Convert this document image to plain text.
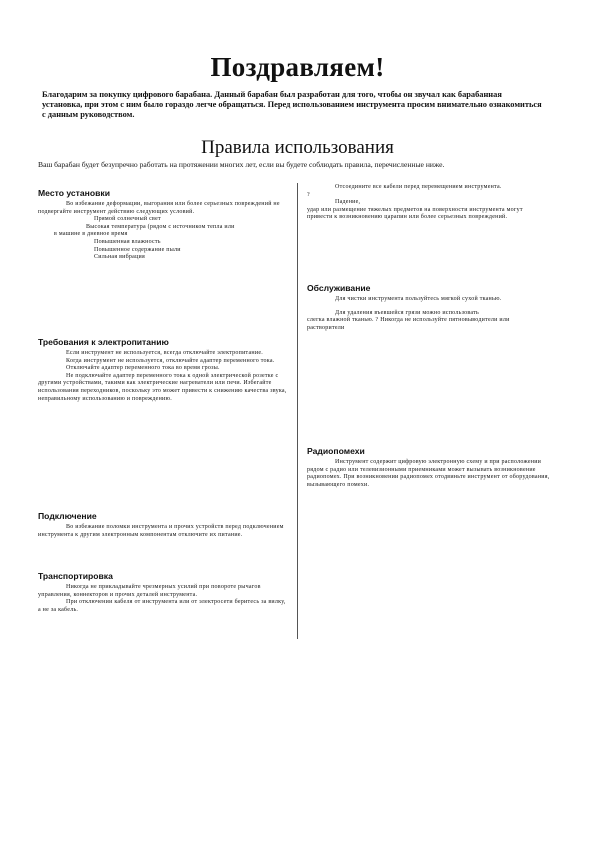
Поздравляем!
Благодарим за покупку цифрового барабана. Данный барабан был разработан для того, чтобы он звучал как барабанная установка, при этом с ним было гораздо легче обращаться. Перед использованием инструмента просим внимательно ознакомиться с данным руководством.
Правила использования
Ваш барабан будет безупречно работать на протяжении многих лет, если вы будете соблюдать правила, перечисленные ниже.
Место установки

Во избежание деформации, выгорания или более серьезных повреждений не подвергайте инструмент действию следующих условий.

Прямой солнечный свет

Высокая температура (рядом с источником тепла или

в машине в дневное время

Повышенная влажность

Повышенное содержание пыли

Сильная вибрация

Требования к электропитанию

Если инструмент не используется, всегда отключайте электропитание.

Когда инструмент не используется, отключайте адаптер переменного тока.

Отключайте адаптер переменного тока во время грозы.

Не подключайте адаптер переменного тока к одной электрической розетке с другими устройствами, такими как электрические нагреватели или печи. Избегайте использования переходников, поскольку это может привести к снижению качества звука, неправильному использованию и повреждению.

Подключение

Во избежание поломки инструмента и прочих устройств перед подключением инструмента к другим электронным компонентам отключите их питание.

Транспортировка

Никогда не прикладывайте чрезмерных усилий при повороте рычагов управления, коннекторов и прочих деталей инструмента.

При отключении кабеля от инструмента или от электросети беритесь за вилку, а не за кабель.

Отсоедините все кабели перед перемещением инструмента.

?

Падение,

удар или размещение тяжелых предметов на поверхности инструмента могут привести к возникновению царапин или более серьезных повреждений.

Обслуживание

Для чистки инструмента пользуйтесь мягкой сухой тканью.

Для удаления въевшейся грязи можно использовать

слегка влажной тканью. ? Никогда не используйте пятновыводители или растворители

Радиопомехи

Инструмент содержит цифровую электронную схему и при расположении рядом с радио или телевизионными приемниками может вызывать возникновение радиопомех. При возникновении радиопомех отодвиньте инструмент от оборудования, вызывающего помехи.
